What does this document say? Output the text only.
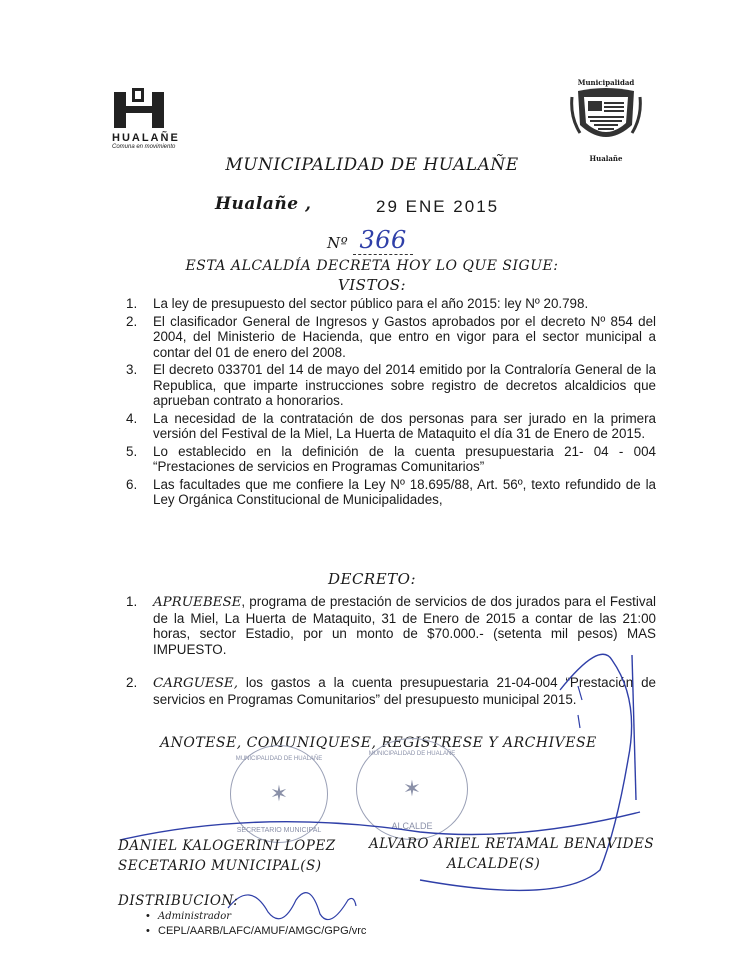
HUALAÑE
Comuna en movimiento
Municipalidad
Hualañe
MUNICIPALIDAD DE HUALAÑE
Hualañe ,	29 ENE 2015
Nº 366
ESTA ALCALDÍA DECRETA HOY LO QUE SIGUE:
VISTOS:
1.	La ley de presupuesto del sector público para el año 2015: ley Nº 20.798.
2.	El clasificador General de Ingresos y Gastos aprobados por el decreto Nº 854 del 2004, del Ministerio de Hacienda, que entro en vigor para el sector municipal a contar del 01 de enero del 2008.
3.	El decreto 033701 del 14 de mayo del 2014 emitido por la Contraloría General de la Republica, que imparte instrucciones sobre registro de decretos alcaldicios que aprueban contrato a honorarios.
4.	La necesidad de la contratación de dos personas para ser jurado en la primera versión del Festival de la Miel, La Huerta de Mataquito el día 31 de Enero de 2015.
5.	Lo establecido en la definición de la cuenta presupuestaria 21- 04 - 004 “Prestaciones de servicios en Programas Comunitarios”
6.	Las facultades que me confiere la Ley Nº 18.695/88, Art. 56º, texto refundido de la Ley Orgánica Constitucional de Municipalidades,
DECRETO:
1.	APRUEBESE, programa de prestación de servicios de dos jurados para el Festival de la Miel, La Huerta de Mataquito, 31 de Enero de 2015 a contar de las 21:00 horas, sector Estadio, por un monto de $70.000.- (setenta mil pesos) MAS IMPUESTO.
2.	CARGUESE, los gastos a la cuenta presupuestaria 21-04-004 “Prestación de servicios en Programas Comunitarios” del presupuesto municipal 2015.
ANOTESE, COMUNIQUESE, REGISTRESE Y ARCHIVESE
MUNICIPALIDAD DE HUALAÑE
✶
SECRETARIO MUNICIPAL
MUNICIPALIDAD DE HUALAÑE
✶
ALCALDE
DANIEL KALOGERINI LOPEZ
SECETARIO MUNICIPAL(S)
ALVARO ARIEL RETAMAL BENAVIDES
ALCALDE(S)
DISTRIBUCION:
• Administrador
• CEPL/AARB/LAFC/AMUF/AMGC/GPG/vrc
